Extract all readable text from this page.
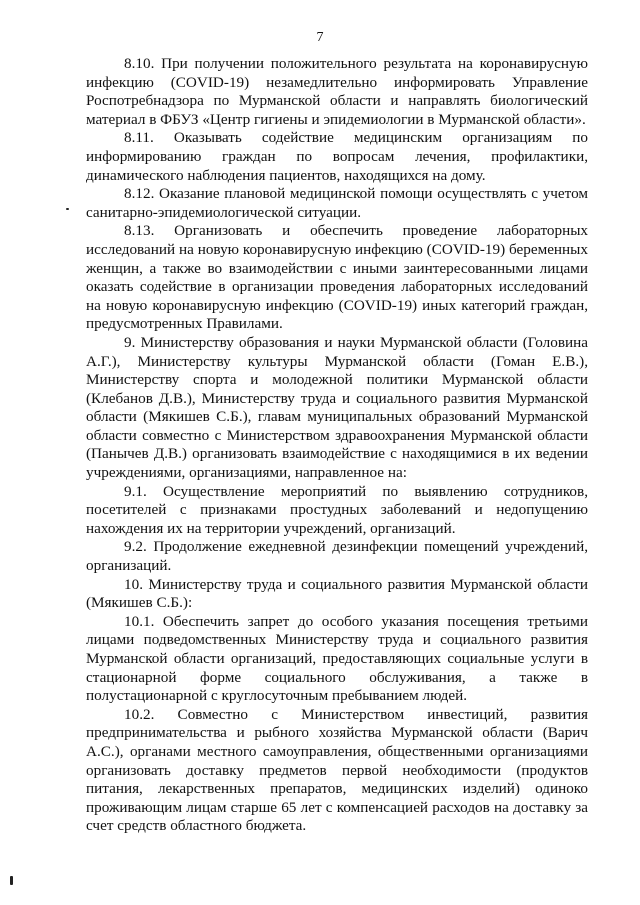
7

8.10. При получении положительного результата на коронавирусную инфекцию (COVID-19) незамедлительно информировать Управление Роспотребнадзора по Мурманской области и направлять биологический материал в ФБУЗ «Центр гигиены и эпидемиологии в Мурманской области».

8.11. Оказывать содействие медицинским организациям по информированию граждан по вопросам лечения, профилактики, динамического наблюдения пациентов, находящихся на дому.

8.12. Оказание плановой медицинской помощи осуществлять с учетом санитарно-эпидемиологической ситуации.

8.13. Организовать и обеспечить проведение лабораторных исследований на новую коронавирусную инфекцию (COVID-19) беременных женщин, а также во взаимодействии с иными заинтересованными лицами оказать содействие в организации проведения лабораторных исследований на новую коронавирусную инфекцию (COVID-19) иных категорий граждан, предусмотренных Правилами.

9. Министерству образования и науки Мурманской области (Головина А.Г.), Министерству культуры Мурманской области (Гоман Е.В.), Министерству спорта и молодежной политики Мурманской области (Клебанов Д.В.), Министерству труда и социального развития Мурманской области (Мякишев С.Б.), главам муниципальных образований Мурманской области совместно с Министерством здравоохранения Мурманской области (Панычев Д.В.) организовать взаимодействие с находящимися в их ведении учреждениями, организациями, направленное на:

9.1. Осуществление мероприятий по выявлению сотрудников, посетителей с признаками простудных заболеваний и недопущению нахождения их на территории учреждений, организаций.

9.2. Продолжение ежедневной дезинфекции помещений учреждений, организаций.

10. Министерству труда и социального развития Мурманской области (Мякишев С.Б.):

10.1. Обеспечить запрет до особого указания посещения третьими лицами подведомственных Министерству труда и социального развития Мурманской области организаций, предоставляющих социальные услуги в стационарной форме социального обслуживания, а также в полустационарной с круглосуточным пребыванием людей.

10.2. Совместно с Министерством инвестиций, развития предпринимательства и рыбного хозяйства Мурманской области (Варич А.С.), органами местного самоуправления, общественными организациями организовать доставку предметов первой необходимости (продуктов питания, лекарственных препаратов, медицинских изделий) одиноко проживающим лицам старше 65 лет с компенсацией расходов на доставку за счет средств областного бюджета.
